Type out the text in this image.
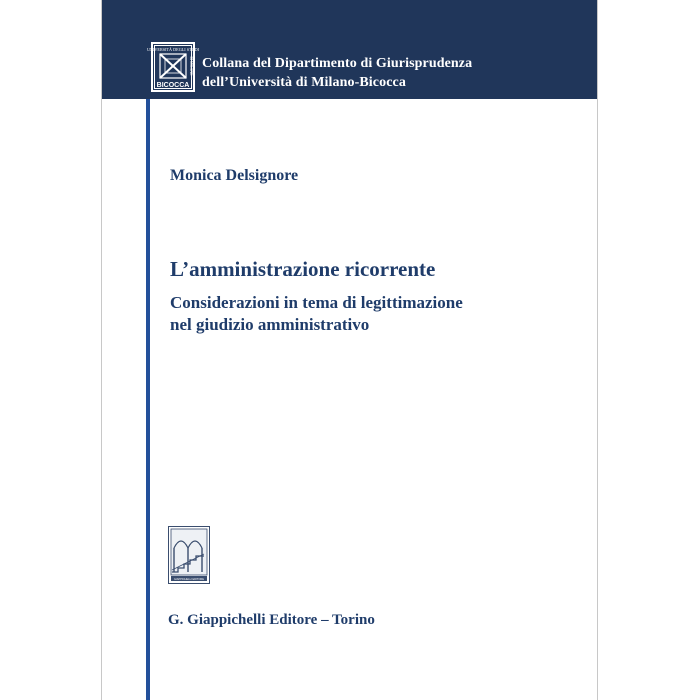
UNIVERSITÀ DEGLI STUDI
DI MILANO
BICOCCA
Collana del Dipartimento di Giurisprudenza
dell’Università di Milano-Bicocca
Monica Delsignore
L’amministrazione ricorrente
Considerazioni in tema di legittimazione
nel giudizio amministrativo
GIAPPICHELLI EDITORE
G. Giappichelli Editore – Torino
